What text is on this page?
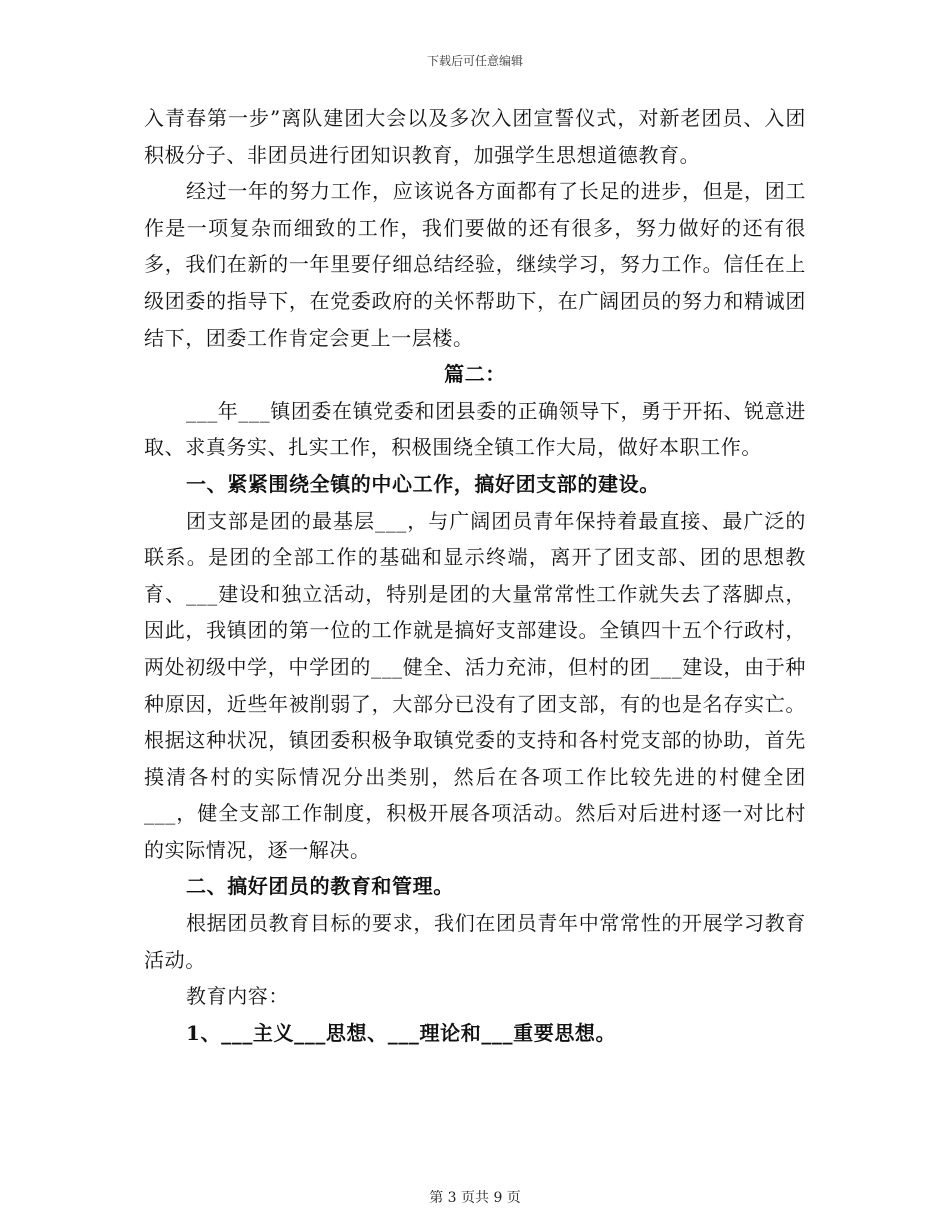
下载后可任意编辑

入青春第一步”离队建团大会以及多次入团宣誓仪式，对新老团员、入团积极分子、非团员进行团知识教育，加强学生思想道德教育。

经过一年的努力工作，应该说各方面都有了长足的进步，但是，团工作是一项复杂而细致的工作，我们要做的还有很多，努力做好的还有很多，我们在新的一年里要仔细总结经验，继续学习，努力工作。信任在上级团委的指导下，在党委政府的关怀帮助下，在广阔团员的努力和精诚团结下，团委工作肯定会更上一层楼。

篇二：

___年___镇团委在镇党委和团县委的正确领导下，勇于开拓、锐意进取、求真务实、扎实工作，积极围绕全镇工作大局，做好本职工作。

一、紧紧围绕全镇的中心工作，搞好团支部的建设。

团支部是团的最基层___，与广阔团员青年保持着最直接、最广泛的联系。是团的全部工作的基础和显示终端，离开了团支部、团的思想教育、___建设和独立活动，特别是团的大量常常性工作就失去了落脚点，因此，我镇团的第一位的工作就是搞好支部建设。全镇四十五个行政村，两处初级中学，中学团的___健全、活力充沛，但村的团___建设，由于种种原因，近些年被削弱了，大部分已没有了团支部，有的也是名存实亡。根据这种状况，镇团委积极争取镇党委的支持和各村党支部的协助，首先摸清各村的实际情况分出类别，然后在各项工作比较先进的村健全团___，健全支部工作制度，积极开展各项活动。然后对后进村逐一对比村的实际情况，逐一解决。

二、搞好团员的教育和管理。

根据团员教育目标的要求，我们在团员青年中常常性的开展学习教育活动。

教育内容：

1、___主义___思想、___理论和___重要思想。

第 3 页共 9 页
